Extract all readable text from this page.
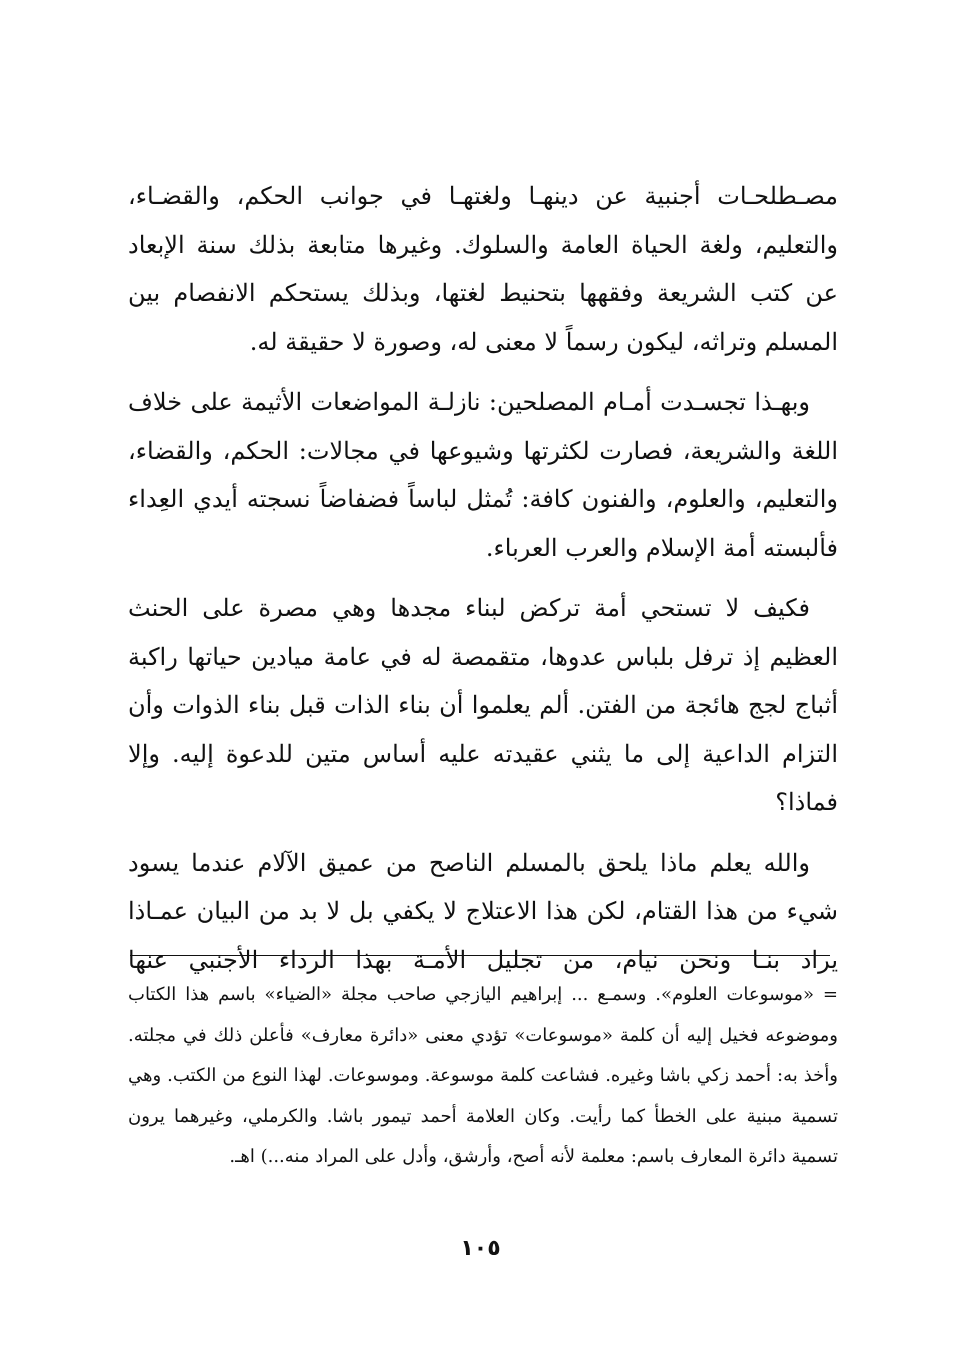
مصـطلحـات أجنبية عن دينهـا ولغتهـا في جوانب الحكم، والقضـاء، والتعليم، ولغة الحياة العامة والسلوك. وغيرها متابعة بذلك سنة الإبعاد عن كتب الشريعة وفقهها بتحنيط لغتها، وبذلك يستحكم الانفصام بين المسلم وتراثه، ليكون رسماً لا معنى له، وصورة لا حقيقة له.

وبهـذا تجسـدت أمـام المصلحين: نازلـة المواضعات الأثيمة على خلاف اللغة والشريعة، فصارت لكثرتها وشيوعها في مجالات: الحكم، والقضاء، والتعليم، والعلوم، والفنون كافة: تُمثل لباساً فضفاضاً نسجته أيدي العِداء فألبسته أمة الإسلام والعرب العرباء.

فكيف لا تستحي أمة تركض لبناء مجدها وهي مصرة على الحنث العظيم إذ ترفل بلباس عدوها، متقمصة له في عامة ميادين حياتها راكبة أثباج لجج هائجة من الفتن. ألم يعلموا أن بناء الذات قبل بناء الذوات وأن التزام الداعية إلى ما يثني عقيدته عليه أساس متين للدعوة إليه. وإلا فماذا؟

والله يعلم ماذا يلحق بالمسلم الناصح من عميق الآلام عندما يسود شيء من هذا القتام، لكن هذا الاعتلاج لا يكفي بل لا بد من البيان عمـاذا يراد بنـا ونحن نيام، من تجليل الأمـة بهذا الرداء الأجنبي عنها

= «موسوعات العلوم». وسمـع ... إبراهيم اليازجي صاحب مجلة «الضياء» باسم هذا الكتاب وموضوعه فخيل إليه أن كلمة «موسوعات» تؤدي معنى «دائرة معارف» فأعلن ذلك في مجلته. وأخذ به: أحمد زكي باشا وغيره. فشاعت كلمة موسوعة. وموسوعات. لهذا النوع من الكتب. وهي تسمية مبنية على الخطأ كما رأيت. وكان العلامة أحمد تيمور باشا. والكرملي، وغيرهما يرون تسمية دائرة المعارف باسم: معلمة لأنه أصح، وأرشق، وأدل على المراد منه...) اهـ.

١٠٥
